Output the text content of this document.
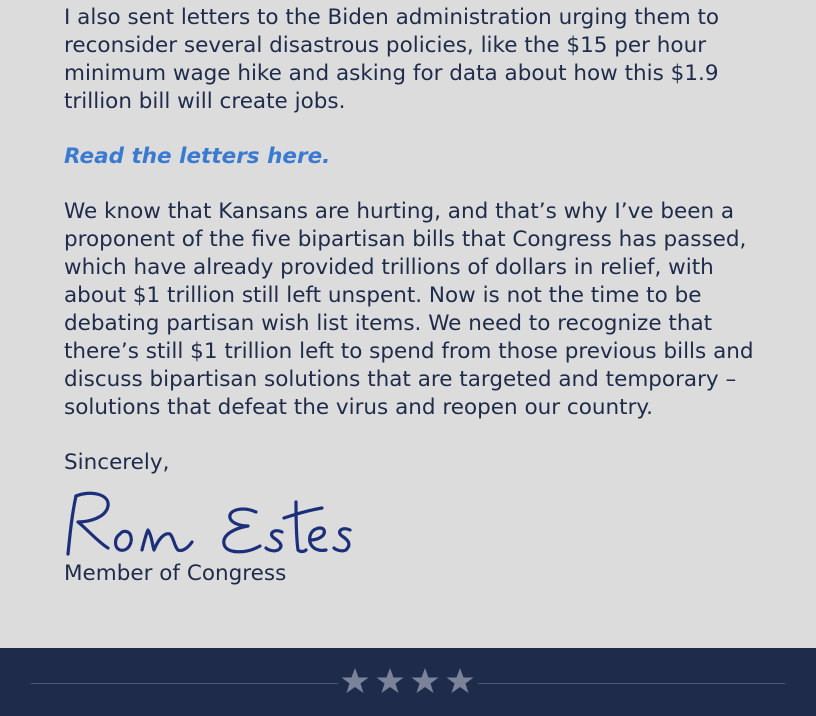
I also sent letters to the Biden administration urging them to reconsider several disastrous policies, like the $15 per hour minimum wage hike and asking for data about how this $1.9 trillion bill will create jobs.

Read the letters here.

We know that Kansans are hurting, and that’s why I’ve been a proponent of the five bipartisan bills that Congress has passed, which have already provided trillions of dollars in relief, with about $1 trillion still left unspent. Now is not the time to be debating partisan wish list items. We need to recognize that there’s still $1 trillion left to spend from those previous bills and discuss bipartisan solutions that are targeted and temporary – solutions that defeat the virus and reopen our country.

Sincerely,

Member of Congress
